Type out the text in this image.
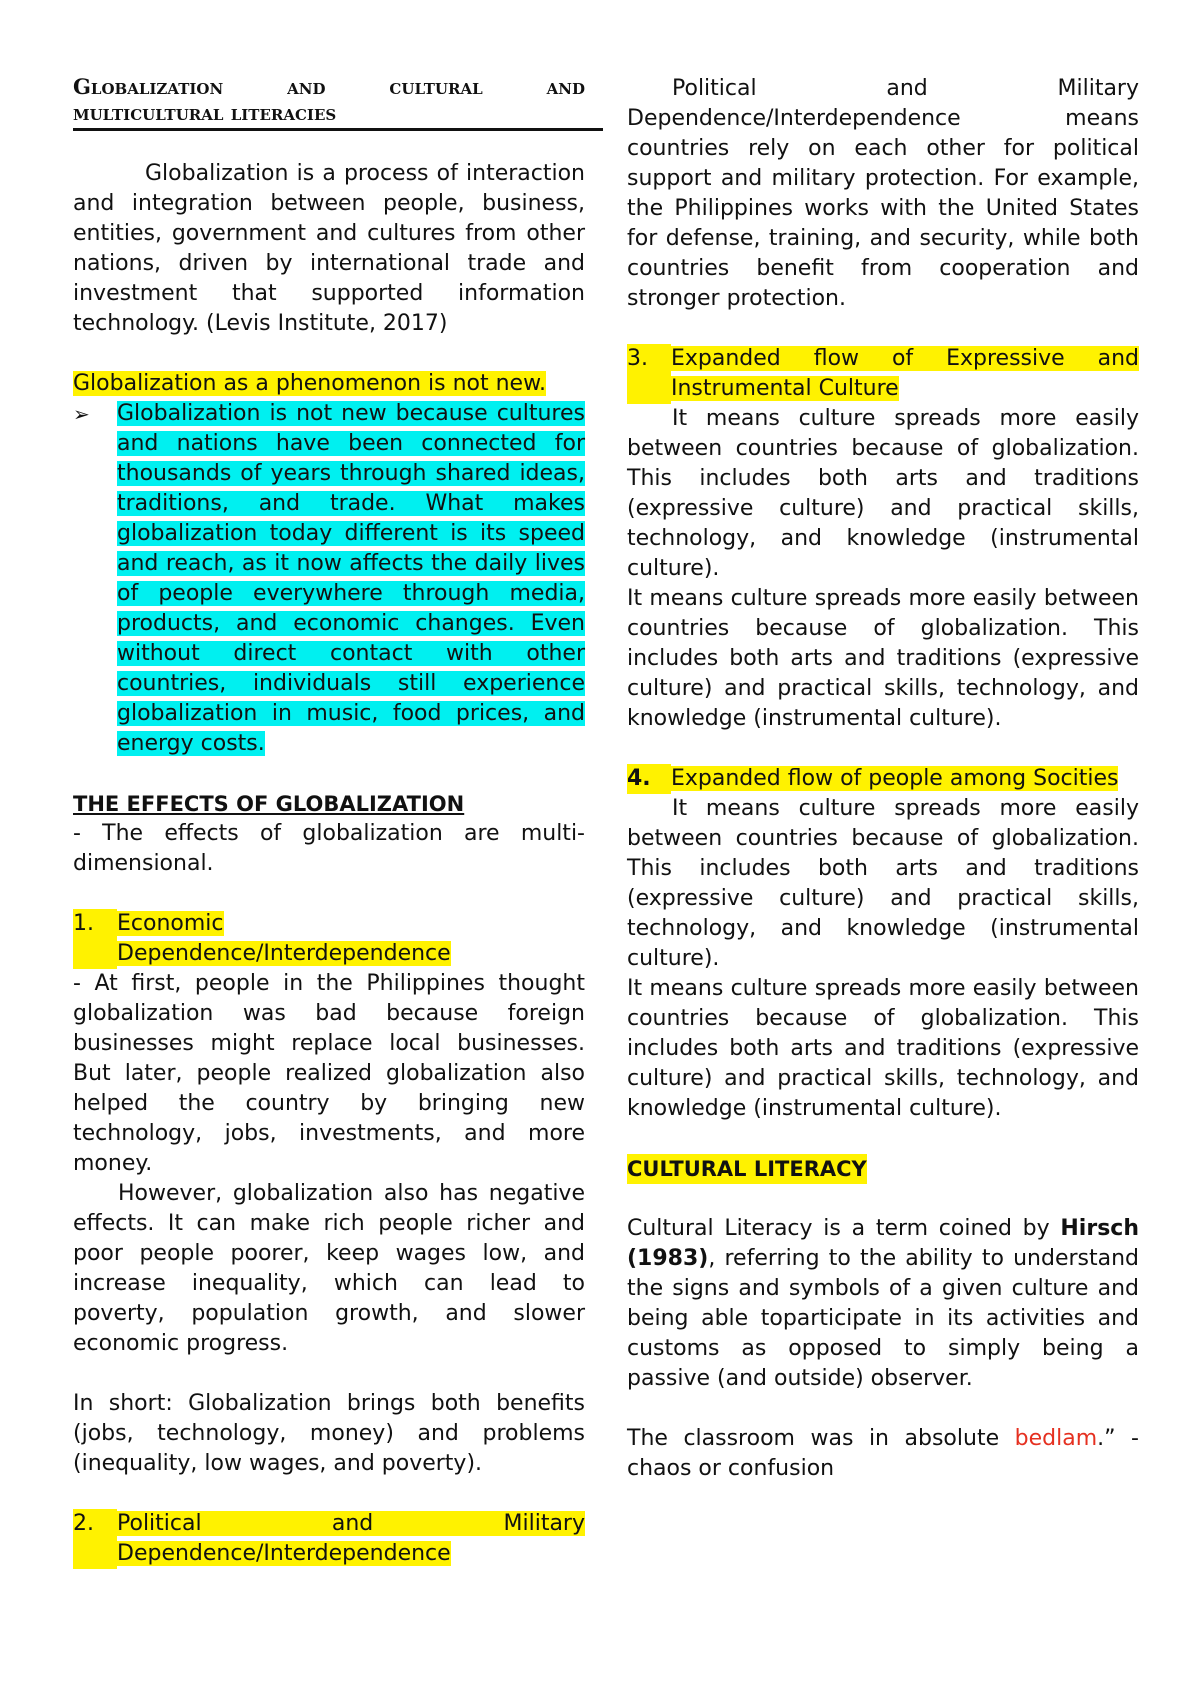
Globalization and cultural and

multicultural literacies

Globalization is a process of interaction and integration between people, business, entities, government and cultures from other nations, driven by international trade and investment that supported information technology. (Levis Institute, 2017)

Globalization as a phenomenon is not new.

➢	Globalization is not new because cultures and nations have been connected for thousands of years through shared ideas, traditions, and trade. What makes globalization today different is its speed and reach, as it now affects the daily lives of people everywhere through media, products, and economic changes. Even without direct contact with other countries, individuals still experience globalization in music, food prices, and energy costs.

THE EFFECTS OF GLOBALIZATION

- The effects of globalization are multi-dimensional.

1.	Economic
Dependence/Interdependence

- At first, people in the Philippines thought globalization was bad because foreign businesses might replace local businesses. But later, people realized globalization also helped the country by bringing new technology, jobs, investments, and more money.

However, globalization also has negative effects. It can make rich people richer and poor people poorer, keep wages low, and increase inequality, which can lead to poverty, population growth, and slower economic progress.

In short: Globalization brings both benefits (jobs, technology, money) and problems (inequality, low wages, and poverty).

2.	Political and Military Dependence/Interdependence

Political and Military Dependence/Interdependence means countries rely on each other for political support and military protection. For example, the Philippines works with the United States for defense, training, and security, while both countries benefit from cooperation and stronger protection.

3.	Expanded flow of Expressive and Instrumental Culture

It means culture spreads more easily between countries because of globalization. This includes both arts and traditions (expressive culture) and practical skills, technology, and knowledge (instrumental culture).

It means culture spreads more easily between countries because of globalization. This includes both arts and traditions (expressive culture) and practical skills, technology, and knowledge (instrumental culture).

4. Expanded flow of people among Socities

It means culture spreads more easily between countries because of globalization. This includes both arts and traditions (expressive culture) and practical skills, technology, and knowledge (instrumental culture).

It means culture spreads more easily between countries because of globalization. This includes both arts and traditions (expressive culture) and practical skills, technology, and knowledge (instrumental culture).

CULTURAL LITERACY

Cultural Literacy is a term coined by Hirsch (1983), referring to the ability to understand the signs and symbols of a given culture and being able toparticipate in its activities and customs as opposed to simply being a passive (and outside) observer.

The classroom was in absolute bedlam.” - chaos or confusion
